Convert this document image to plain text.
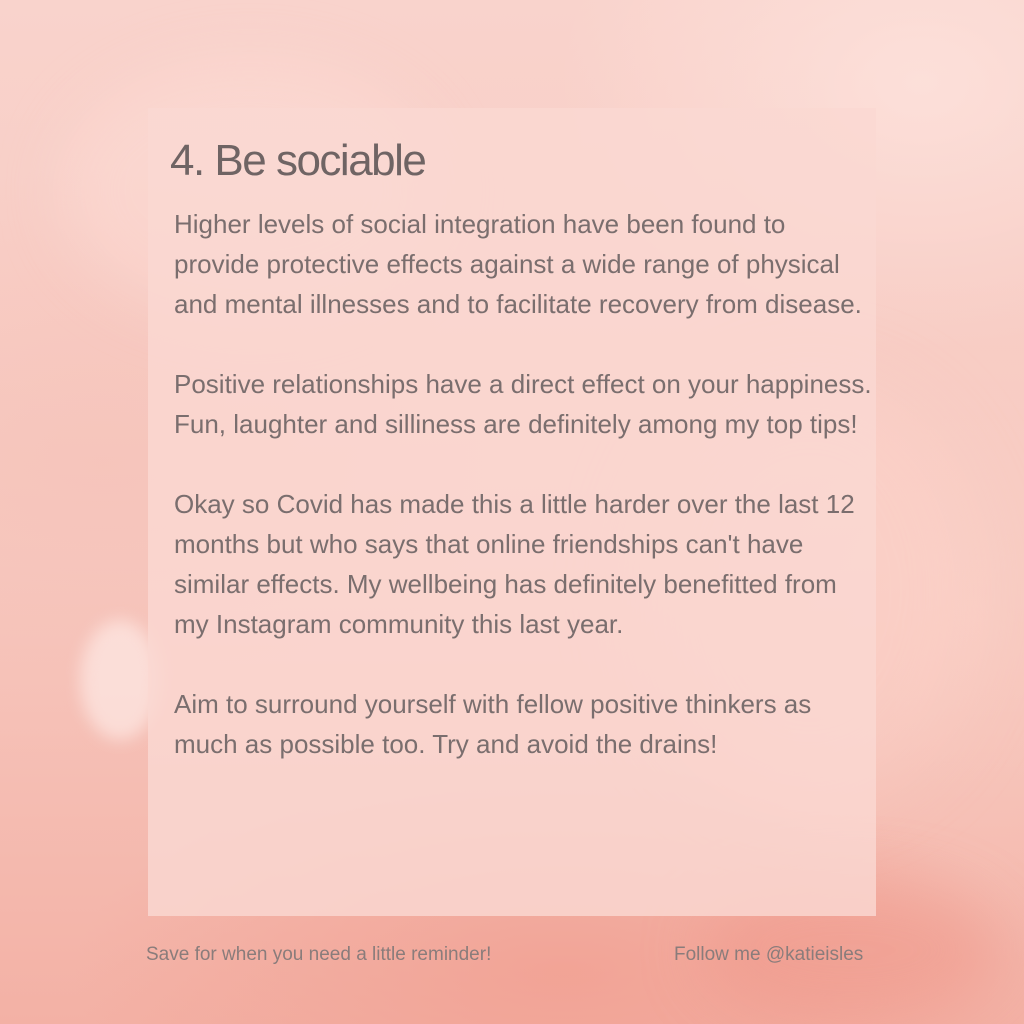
4. Be sociable

Higher levels of social integration have been found to provide protective effects against a wide range of physical and mental illnesses and to facilitate recovery from disease.

Positive relationships have a direct effect on your happiness. Fun, laughter and silliness are definitely among my top tips!

Okay so Covid has made this a little harder over the last 12 months but who says that online friendships can't have similar effects. My wellbeing has definitely benefitted from my Instagram community this last year.

Aim to surround yourself with fellow positive thinkers as much as possible too. Try and avoid the drains!

Save for when you need a little reminder!	Follow me @katieisles
